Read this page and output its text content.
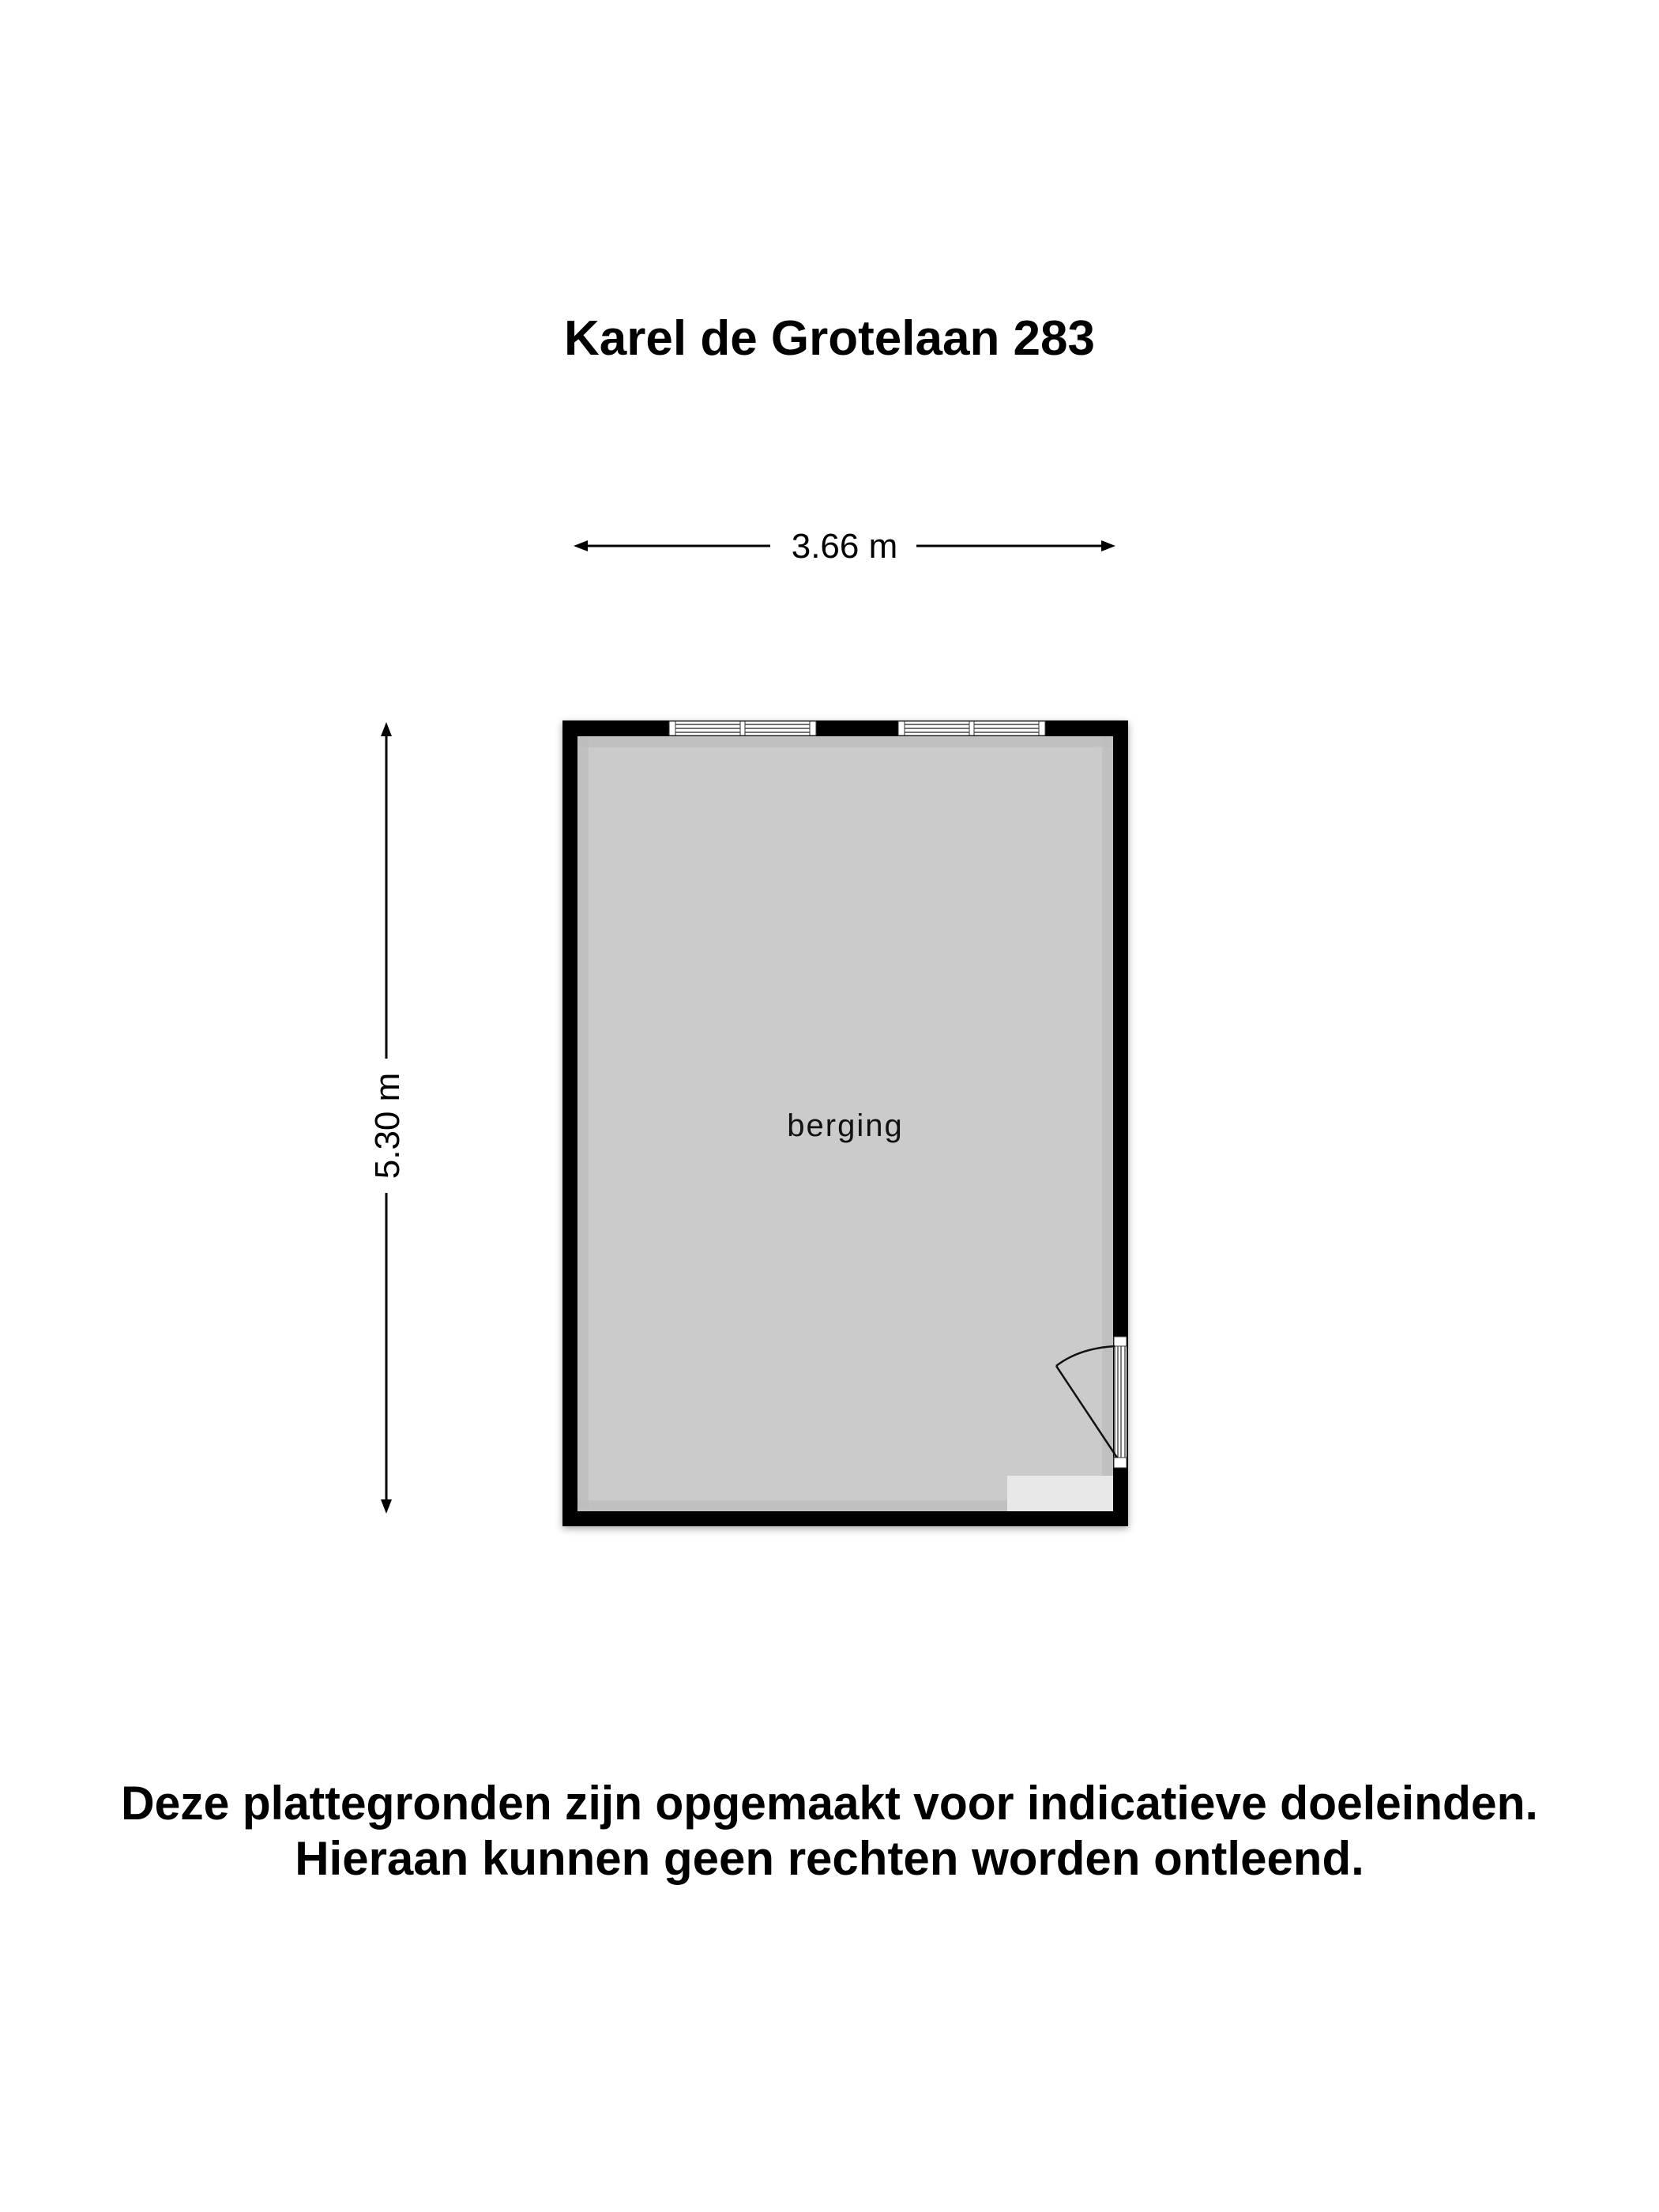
Karel de Grotelaan 283
3.66 m
5.30 m	berging
Deze plattegronden zijn opgemaakt voor indicatieve doeleinden.
Hieraan kunnen geen rechten worden ontleend.
